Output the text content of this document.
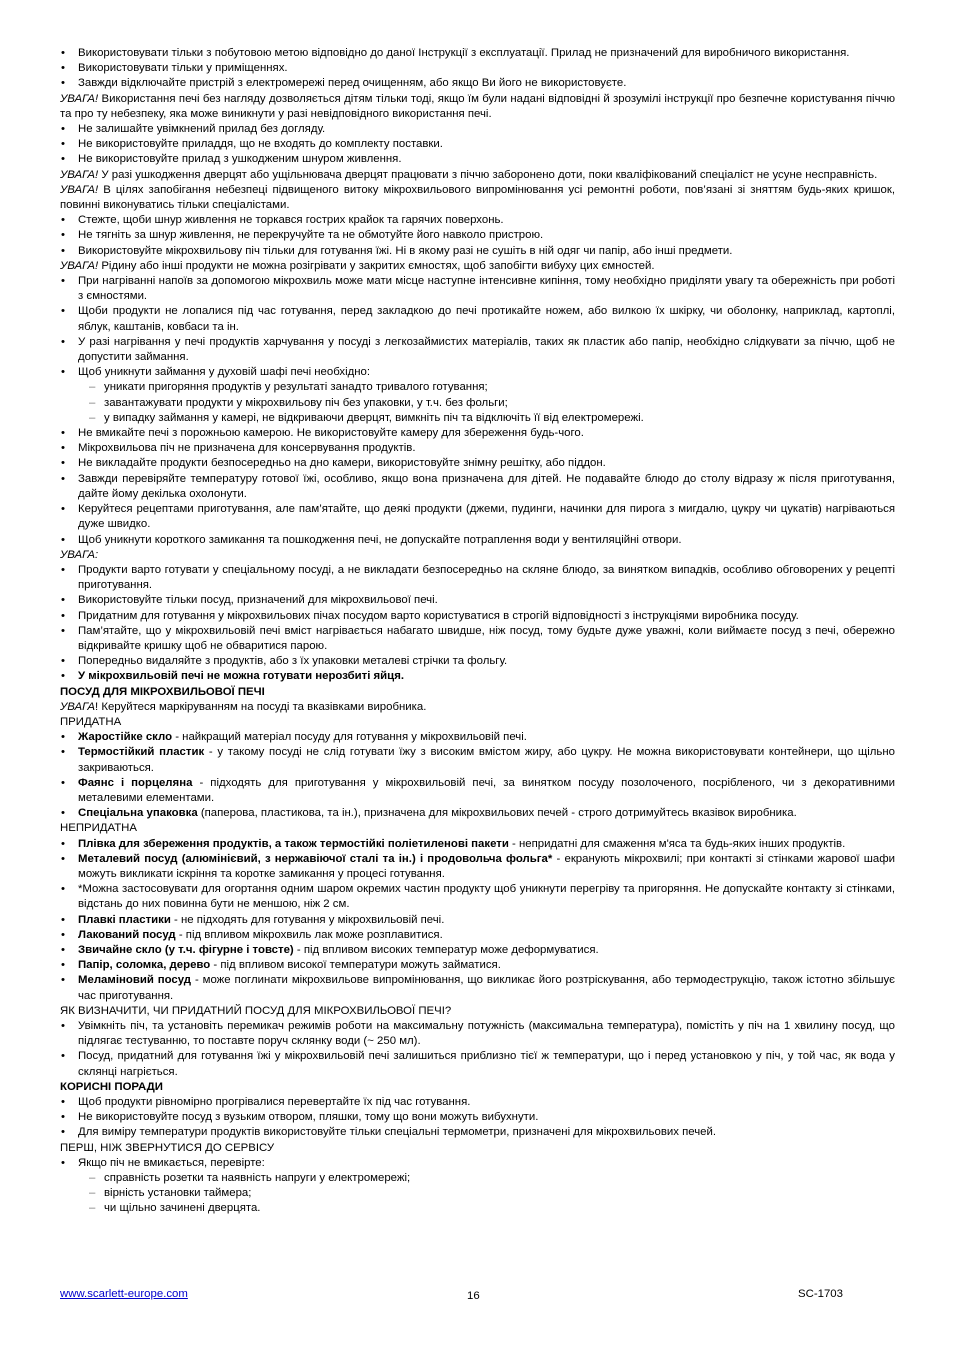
• Використовувати тільки з побутовою метою відповідно до даної Інструкції з експлуатації. Прилад не призначений для виробничого використання.
• Використовувати тільки у приміщеннях.
• Завжди відключайте пристрій з електромережі перед очищенням, або якщо Ви його не використовуєте.
УВАГА! Використання печі без нагляду дозволяється дітям тільки тоді, якщо їм були надані відповідні й зрозумілі інструкції про безпечне користування піччю та про ту небезпеку, яка може виникнути у разі невідповідного використання печі.
• Не залишайте увімкнений прилад без догляду.
• Не використовуйте приладдя, що не входять до комплекту поставки.
• Не використовуйте прилад з ушкодженим шнуром живлення.
УВАГА! У разі ушкодження дверцят або ущільнювача дверцят працювати з піччю заборонено доти, поки кваліфікований спеціаліст не усуне несправність.
УВАГА! В цілях запобігання небезпеці підвищеного витоку мікрохвильового випромінювання усі ремонтні роботи, пов’язані зі зняттям будь-яких кришок, повинні виконуватись тільки спеціалістами.
• Стежте, щоби шнур живлення не торкався гострих крайок та гарячих поверхонь.
• Не тягніть за шнур живлення, не перекручуйте та не обмотуйте його навколо пристрою.
• Використовуйте мікрохвильову піч тільки для готування їжі. Ні в якому разі не сушіть в ній одяг чи папір, або інші предмети.
УВАГА! Рідину або інші продукти не можна розігрівати у закритих ємностях, щоб запобігти вибуху цих ємностей.
• При нагріванні напоїв за допомогою мікрохвиль може мати місце наступне інтенсивне кипіння, тому необхідно приділяти увагу та обережність при роботі з ємностями.
• Щоби продукти не лопалися під час готування, перед закладкою до печі протикайте ножем, або вилкою їх шкірку, чи оболонку, наприклад, картоплі, яблук, каштанів, ковбаси та ін.
• У разі нагрівання у печі продуктів харчування у посуді з легкозаймистих матеріалів, таких як пластик або папір, необхідно слідкувати за піччю, щоб не допустити займання.
• Щоб уникнути займання у духовій шафі печі необхідно:
– уникати пригоряння продуктів у результаті занадто тривалого готування;
– завантажувати продукти у мікрохвильову піч без упаковки, у т.ч. без фольги;
– у випадку займання у камері, не відкриваючи дверцят, вимкніть піч та відключіть її від електромережі.
• Не вмикайте печі з порожньою камерою. Не використовуйте камеру для збереження будь-чого.
• Мікрохвильова піч не призначена для консервування продуктів.
• Не викладайте продукти безпосередньо на дно камери, використовуйте знімну решітку, або піддон.
• Завжди перевіряйте температуру готової їжі, особливо, якщо вона призначена для дітей. Не подавайте блюдо до столу відразу ж після приготування, дайте йому декілька охолонути.
• Керуйтеся рецептами приготування, але пам’ятайте, що деякі продукти (джеми, пудинги, начинки для пирога з мигдалю, цукру чи цукатів) нагріваються дуже швидко.
• Щоб уникнути короткого замикання та пошкодження печі, не допускайте потраплення води у вентиляційні отвори.
УВАГА:
• Продукти варто готувати у спеціальному посуді, а не викладати безпосередньо на скляне блюдо, за винятком випадків, особливо обговорених у рецепті приготування.
• Використовуйте тільки посуд, призначений для мікрохвильової печі.
• Придатним для готування у мікрохвильових пічах посудом варто користуватися в строгій відповідності з інструкціями виробника посуду.
• Пам’ятайте, що у мікрохвильовій печі вміст нагрівається набагато швидше, ніж посуд, тому будьте дуже уважні, коли виймаєте посуд з печі, обережно відкривайте кришку щоб не обваритися парою.
• Попередньо видаляйте з продуктів, або з їх упаковки металеві стрічки та фольгу.
• У мікрохвильовій печі не можна готувати нерозбиті яйця.
ПОСУД ДЛЯ МІКРОХВИЛЬОВОЇ ПЕЧІ
УВАГА! Керуйтеся маркіруванням на посуді та вказівками виробника.
ПРИДАТНА
• Жаростійке скло - найкращий матеріал посуду для готування у мікрохвильовій печі.
• Термостійкий пластик - у такому посуді не слід готувати їжу з високим вмістом жиру, або цукру. Не можна використовувати контейнери, що щільно закриваються.
• Фаянс і порцеляна - підходять для приготування у мікрохвильовій печі, за винятком посуду позолоченого, посрібленого, чи з декоративними металевими елементами.
• Спеціальна упаковка (паперова, пластикова, та ін.), призначена для мікрохвильових печей - строго дотримуйтесь вказівок виробника.
НЕПРИДАТНА
• Плівка для збереження продуктів, а також термостійкі поліетиленові пакети - непридатні для смаження м'яса та будь-яких інших продуктів.
• Металевий посуд (алюмінієвий, з нержавіючої сталі та ін.) і продовольча фольга* - екранують мікрохвилі; при контакті зі стінками жарової шафи можуть викликати іскріння та коротке замикання у процесі готування.
• *Можна застосовувати для огортання одним шаром окремих частин продукту щоб уникнути перегріву та пригоряння. Не допускайте контакту зі стінками, відстань до них повинна бути не меншою, ніж 2 см.
• Плавкі пластики - не підходять для готування у мікрохвильовій печі.
• Лакований посуд - під впливом мікрохвиль лак може розплавитися.
• Звичайне скло (у т.ч. фігурне і товсте) - під впливом високих температур може деформуватися.
• Папір, соломка, дерево - під впливом високої температури можуть займатися.
• Меламіновий посуд - може поглинати мікрохвильове випромінювання, що викликає його розтріскування, або термодеструкцію, також істотно збільшує час приготування.
ЯК ВИЗНАЧИТИ, ЧИ ПРИДАТНИЙ ПОСУД ДЛЯ МІКРОХВИЛЬОВОЇ ПЕЧІ?
• Увімкніть піч, та установіть перемикач режимів роботи на максимальну потужність (максимальна температура), помістіть у піч на 1 хвилину посуд, що підлягає тестуванню, то поставте поруч склянку води (~ 250 мл).
• Посуд, придатний для готування їжі у мікрохвильовій печі залишиться приблизно тієї ж температури, що і перед установкою у піч, у той час, як вода у склянці нагріється.
КОРИСНІ ПОРАДИ
• Щоб продукти рівномірно прогрівалися перевертайте їх під час готування.
• Не використовуйте посуд з вузьким отвором, пляшки, тому що вони можуть вибухнути.
• Для виміру температури продуктів використовуйте тільки спеціальні термометри, призначені для мікрохвильових печей.
ПЕРШ, НІЖ ЗВЕРНУТИСЯ ДО СЕРВІСУ
• Якщо піч не вмикається, перевірте:
– справність розетки та наявність напруги у електромережі;
– вірність установки таймера;
– чи щільно зачинені дверцята.
www.scarlett-europe.com	16	SC-1703
